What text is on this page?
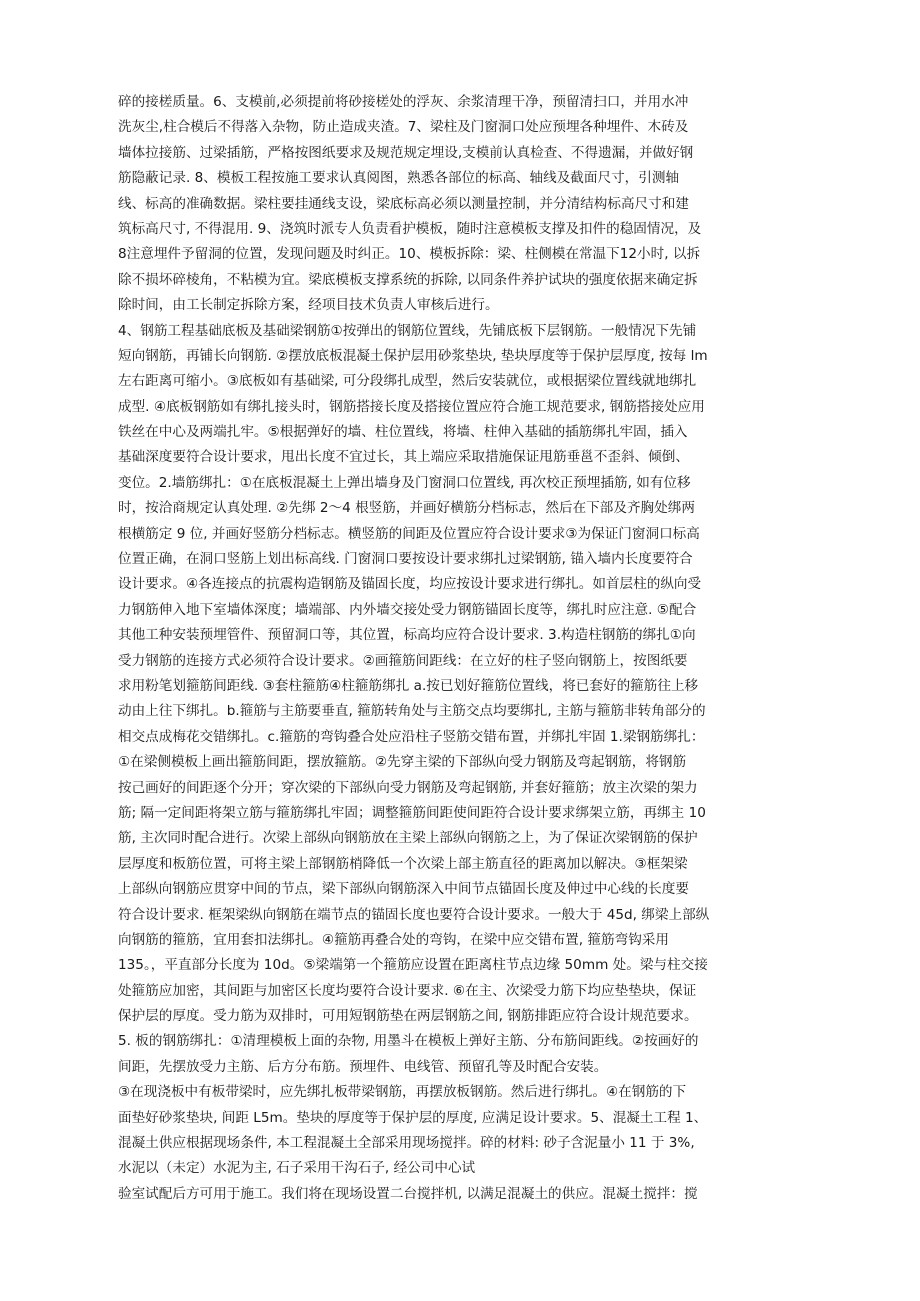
碎的接槎质量。6、支模前,必须提前将砂接槎处的浮灰、余浆清理干净，预留清扫口，并用水冲
洗灰尘,柱合模后不得落入杂物，防止造成夹渣。7、梁柱及门窗洞口处应预埋各种埋件、木砖及
墙体拉接筋、过梁插筋，严格按图纸要求及规范规定埋设,支模前认真检查、不得遗漏，并做好钢
筋隐蔽记录. 8、模板工程按施工要求认真阅图，熟悉各部位的标高、轴线及截面尺寸，引测轴
线、标高的准确数据。梁柱要挂通线支设，梁底标高必须以测量控制，并分清结构标高尺寸和建
筑标高尺寸, 不得混用. 9、浇筑时派专人负责看护模板，随时注意模板支撑及扣件的稳固情况，及
8注意埋件予留洞的位置，发现问题及时纠正。10、模板拆除：梁、柱侧模在常温下12小时, 以拆
除不损坏碎棱角，不粘模为宜。梁底模板支撑系统的拆除, 以同条件养护试块的强度依据来确定拆
除时间，由工长制定拆除方案，经项目技术负责人审核后进行。
4、钢筋工程基础底板及基础梁钢筋①按弹出的钢筋位置线，先铺底板下层钢筋。一般情况下先铺
短向钢筋，再铺长向钢筋. ②摆放底板混凝土保护层用砂浆垫块, 垫块厚度等于保护层厚度, 按每 lm
左右距离可缩小。③底板如有基础梁, 可分段绑扎成型，然后安装就位，或根据梁位置线就地绑扎
成型. ④底板钢筋如有绑扎接头时，钢筋搭接长度及搭接位置应符合施工规范要求, 钢筋搭接处应用
铁丝在中心及两端扎牢。⑤根据弹好的墙、柱位置线，将墙、柱伸入基础的插筋绑扎牢固，插入
基础深度要符合设计要求，甩出长度不宜过长，其上端应采取措施保证甩筋垂邕不歪斜、倾倒、
变位。2.墙筋绑扎：①在底板混凝土上弹出墙身及门窗洞口位置线, 再次校正预埋插筋, 如有位移
时，按洽商规定认真处理. ②先绑 2～4 根竖筋，并画好横筋分档标志，然后在下部及齐胸处绑两
根横筋定 9 位, 并画好竖筋分档标志。横竖筋的间距及位置应符合设计要求③为保证门窗洞口标高
位置正确，在洞口竖筋上划出标高线. 门窗洞口要按设计要求绑扎过梁钢筋, 锚入墙内长度要符合
设计要求。④各连接点的抗震构造钢筋及锚固长度，均应按设计要求进行绑扎。如首层柱的纵向受
力钢筋伸入地下室墙体深度；墙端部、内外墙交接处受力钢筋锚固长度等，绑扎时应注意. ⑤配合
其他工种安装预埋管件、预留洞口等，其位置，标高均应符合设计要求. 3.构造柱钢筋的绑扎①向
受力钢筋的连接方式必须符合设计要求。②画箍筋间距线：在立好的柱子竖向钢筋上，按图纸要
求用粉笔划箍筋间距线. ③套柱箍筋④柱箍筋绑扎 a.按已划好箍筋位置线，将已套好的箍筋往上移
动由上往下绑扎。b.箍筋与主筋要垂直, 箍筋转角处与主筋交点均要绑扎, 主筋与箍筋非转角部分的
相交点成梅花交错绑扎。c.箍筋的弯钩叠合处应沿柱子竖筋交错布置，并绑扎牢固 1.梁钢筋绑扎：
①在梁侧模板上画出箍筋间距，摆放箍筋。②先穿主梁的下部纵向受力钢筋及弯起钢筋，将钢筋
按己画好的间距逐个分开；穿次梁的下部纵向受力钢筋及弯起钢筋, 并套好箍筋；放主次梁的架力
筋; 隔一定间距将架立筋与箍筋绑扎牢固；调整箍筋间距使间距符合设计要求绑架立筋，再绑主 10
筋, 主次同时配合进行。次梁上部纵向钢筋放在主梁上部纵向钢筋之上，为了保证次梁钢筋的保护
层厚度和板筋位置，可将主梁上部钢筋梢降低一个次梁上部主筋直径的距离加以解决。③框架梁
上部纵向钢筋应贯穿中间的节点，梁下部纵向钢筋深入中间节点锚固长度及伸过中心线的长度要
符合设计要求. 框架梁纵向钢筋在端节点的锚固长度也要符合设计要求。一般大于 45d, 绑梁上部纵
向钢筋的箍筋，宜用套扣法绑扎。④箍筋再叠合处的弯钩，在梁中应交错布置, 箍筋弯钩采用
135。，平直部分长度为 10d。⑤梁端第一个箍筋应设置在距离柱节点边缘 50mm 处。梁与柱交接
处箍筋应加密，其间距与加密区长度均要符合设计要求. ⑥在主、次梁受力筋下均应垫垫块，保证
保护层的厚度。受力筋为双排时，可用短钢筋垫在两层钢筋之间, 钢筋排距应符合设计规范要求。
5. 板的钢筋绑扎：①清理模板上面的杂物, 用墨斗在模板上弹好主筋、分布筋间距线。②按画好的
间距，先摆放受力主筋、后方分布筋。预埋件、电线管、预留孔等及时配合安装。
③在现浇板中有板带梁时，应先绑扎板带梁钢筋，再摆放板钢筋。然后进行绑扎。④在钢筋的下
面垫好砂浆垫块, 间距 L5m。垫块的厚度等于保护层的厚度, 应满足设计要求。5、混凝土工程 1、
混凝土供应根据现场条件, 本工程混凝土全部采用现场搅拌。碎的材料: 砂子含泥量小 11 于 3%,
水泥以（未定）水泥为主, 石子采用干沟石子, 经公司中心试
验室试配后方可用于施工。我们将在现场设置二台搅拌机, 以满足混凝土的供应。混凝土搅拌：搅
